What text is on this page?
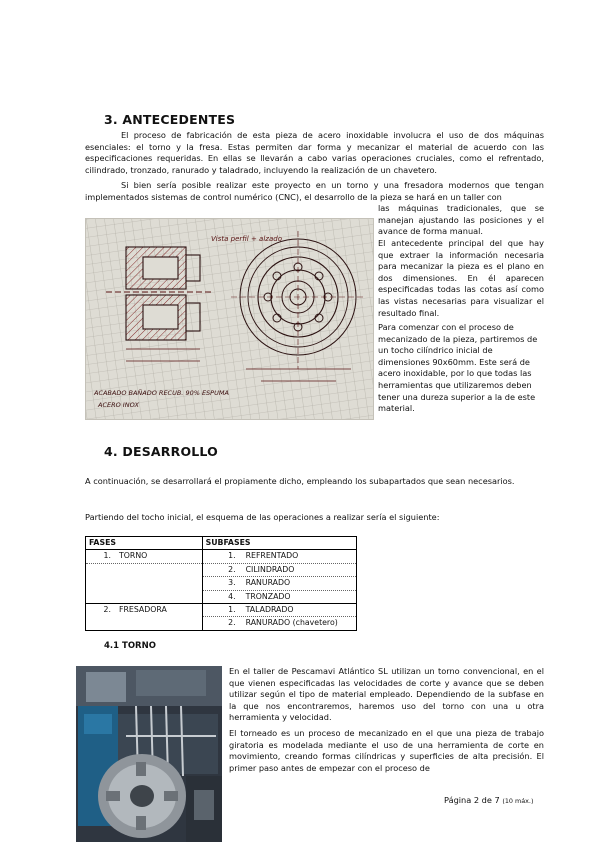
3. ANTECEDENTES
El proceso de fabricación de esta pieza de acero inoxidable involucra el uso de dos máquinas esenciales: el torno y la fresa. Estas permiten dar forma y mecanizar el material de acuerdo con las especificaciones requeridas. En ellas se llevarán a cabo varias operaciones cruciales, como el refrentado, cilindrado, tronzado, ranurado y taladrado, incluyendo la realización de un chavetero.
Si bien sería posible realizar este proyecto en un torno y una fresadora modernos que tengan implementados sistemas de control numérico (CNC), el desarrollo de la pieza se hará en un taller con
Vista perfil + alzado
ACABADO BAÑADO RECUB. 90% ESPUMA
ACERO INOX
las máquinas tradicionales, que se manejan ajustando las posiciones y el avance de forma manual.
El antecedente principal del que hay que extraer la información necesaria para mecanizar la pieza es el plano en dos dimensiones. En él aparecen especificadas todas las cotas así como las vistas necesarias para visualizar el resultado final.
Para comenzar con el proceso de mecanizado de la pieza, partiremos de un tocho cilíndrico inicial de dimensiones 90x60mm. Este será de acero inoxidable, por lo que todas las herramientas que utilizaremos deben tener una dureza superior a la de este material.
4. DESARROLLO
A continuación, se desarrollará el propiamente dicho, empleando los subapartados que sean necesarios.
Partiendo del tocho inicial, el esquema de las operaciones a realizar sería el siguiente:
FASES	SUBFASES
1. TORNO	1. REFRENTADO
	2. CILINDRADO
	3. RANURADO
	4. TRONZADO
2. FRESADORA	1. TALADRADO
	2. RANURADO (chavetero)
4.1 TORNO
En el taller de Pescamavi Atlántico SL utilizan un torno convencional, en el que vienen especificadas las velocidades de corte y avance que se deben utilizar según el tipo de material empleado. Dependiendo de la subfase en la que nos encontraremos, haremos uso del torno con una u otra herramienta y velocidad.
El torneado es un proceso de mecanizado en el que una pieza de trabajo giratoria es modelada mediante el uso de una herramienta de corte en movimiento, creando formas cilíndricas y superficies de alta precisión. El primer paso antes de empezar con el proceso de
Página 2 de 7 (10 máx.)
